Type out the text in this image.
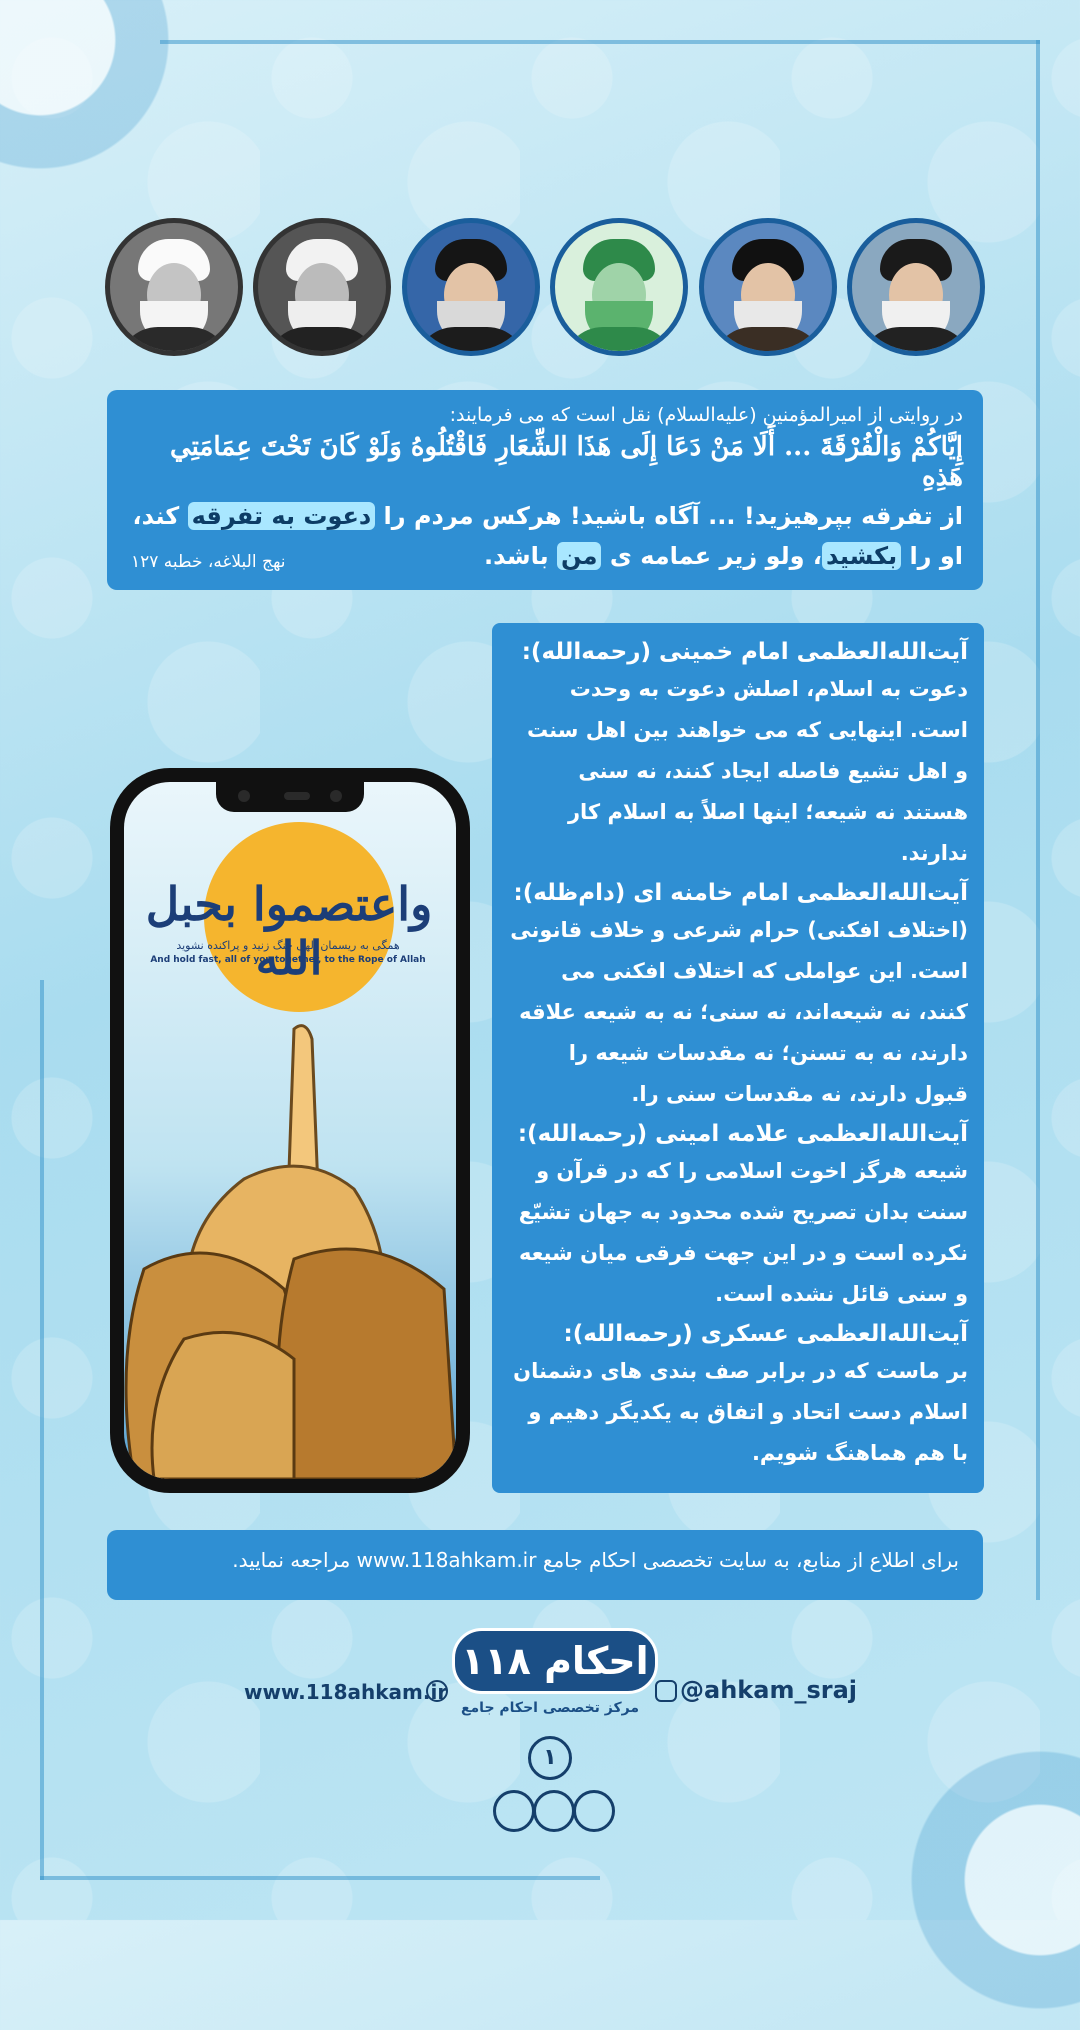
در روایتی از امیرالمؤمنین (علیه‌السلام) نقل است که می فرمایند:

إِيَّاكُمْ وَالْفُرْقَةَ ... أَلَا مَنْ دَعَا إِلَى هَذَا الشِّعَارِ فَاقْتُلُوهُ وَلَوْ كَانَ تَحْتَ عِمَامَتِي هَذِهِ

از تفرقه بپرهیزید! ... آگاه باشید! هرکس مردم را دعوت به تفرقه کند،
او را بکشید، ولو زیر عمامه ی من باشد.

نهج البلاغه، خطبه ۱۲۷
واعتصموا بحبل الله
همگی به ریسمان الهی چنگ زنید و پراکنده نشوید
And hold fast, all of you together, to the Rope of Allah
آیت‌الله‌العظمی امام خمینی (رحمه‌الله):

دعوت به اسلام، اصلش دعوت به وحدت است. اینهایی که می خواهند بین اهل سنت و اهل تشیع فاصله ایجاد کنند، نه سنی هستند نه شیعه؛ اینها اصلاً به اسلام کار ندارند.

آیت‌الله‌العظمی امام خامنه ای (دام‌ظله):

(اختلاف افکنی) حرام شرعی و خلاف قانونی است. این عواملی که اختلاف افکنی می کنند، نه شیعه‌اند، نه سنی؛ نه به شیعه علاقه دارند، نه به تسنن؛ نه مقدسات شیعه را قبول دارند، نه مقدسات سنی را.

آیت‌الله‌العظمی علامه امینی (رحمه‌الله):

شیعه هرگز اخوت اسلامی را که در قرآن و سنت بدان تصریح شده محدود به جهان تشیّع نکرده است و در این جهت فرقی میان شیعه و سنی قائل نشده است.

آیت‌الله‌العظمی عسکری (رحمه‌الله):

بر ماست که در برابر صف بندی های دشمنان اسلام دست اتحاد و اتفاق به یکدیگر دهیم و با هم هماهنگ شویم.

برای اطلاع از منابع، به سایت تخصصی احکام جامع www.118ahkam.ir مراجعه نمایید.
۱۱۸ احکام
مرکز تخصصی احکام جامع
www.118ahkam.ir	@ahkam_sraj
۱
